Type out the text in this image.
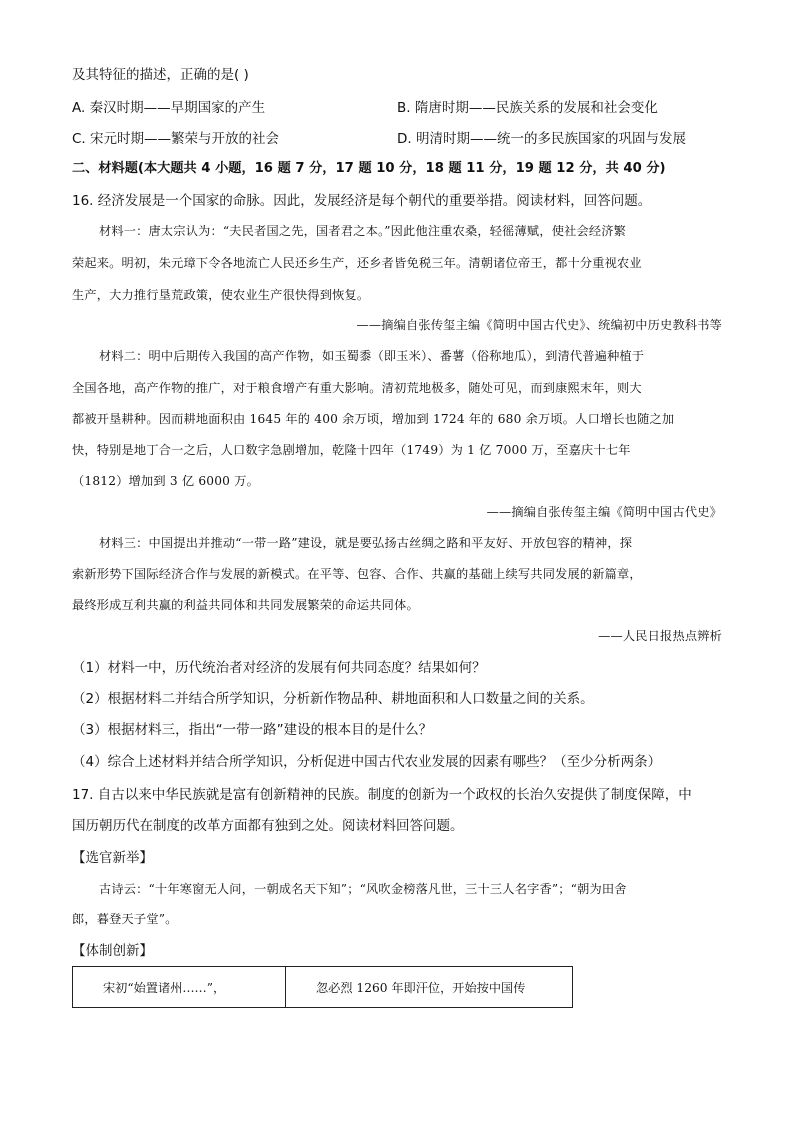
及其特征的描述，正确的是( )
A. 秦汉时期——早期国家的产生	B. 隋唐时期——民族关系的发展和社会变化
C. 宋元时期——繁荣与开放的社会	D. 明清时期——统一的多民族国家的巩固与发展
二、材料题(本大题共 4 小题，16 题 7 分，17 题 10 分，18 题 11 分，19 题 12 分，共 40 分)
16. 经济发展是一个国家的命脉。因此，发展经济是每个朝代的重要举措。阅读材料，回答问题。
材料一：唐太宗认为：“夫民者国之先，国者君之本。”因此他注重农桑，轻徭薄赋，使社会经济繁
荣起来。明初，朱元璋下令各地流亡人民还乡生产，还乡者皆免税三年。清朝诸位帝王，都十分重视农业
生产，大力推行垦荒政策，使农业生产很快得到恢复。
——摘编自张传玺主编《简明中国古代史》、统编初中历史教科书等
材料二：明中后期传入我国的高产作物，如玉蜀黍（即玉米）、番薯（俗称地瓜），到清代普遍种植于
全国各地，高产作物的推广，对于粮食增产有重大影响。清初荒地极多，随处可见，而到康熙末年，则大
都被开垦耕种。因而耕地面积由 1645 年的 400 余万顷，增加到 1724 年的 680 余万顷。人口增长也随之加
快，特别是地丁合一之后，人口数字急剧增加，乾隆十四年（1749）为 1 亿 7000 万，至嘉庆十七年
（1812）增加到 3 亿 6000 万。
——摘编自张传玺主编《简明中国古代史》
材料三：中国提出并推动“一带一路”建设，就是要弘扬古丝绸之路和平友好、开放包容的精神，探
索新形势下国际经济合作与发展的新模式。在平等、包容、合作、共赢的基础上续写共同发展的新篇章，
最终形成互利共赢的利益共同体和共同发展繁荣的命运共同体。
——人民日报热点辨析
（1）材料一中，历代统治者对经济的发展有何共同态度？结果如何？
（2）根据材料二并结合所学知识，分析新作物品种、耕地面积和人口数量之间的关系。
（3）根据材料三，指出“一带一路”建设的根本目的是什么？
（4）综合上述材料并结合所学知识，分析促进中国古代农业发展的因素有哪些？（至少分析两条）
17. 自古以来中华民族就是富有创新精神的民族。制度的创新为一个政权的长治久安提供了制度保障，中
国历朝历代在制度的改革方面都有独到之处。阅读材料回答问题。
【选官新举】
古诗云：“十年寒窗无人问，一朝成名天下知”；“风吹金榜落凡世，三十三人名字香”；“朝为田舍
郎，暮登天子堂”。
【体制创新】
宋初“始置诸州……”，	忽必烈 1260 年即汗位，开始按中国传
